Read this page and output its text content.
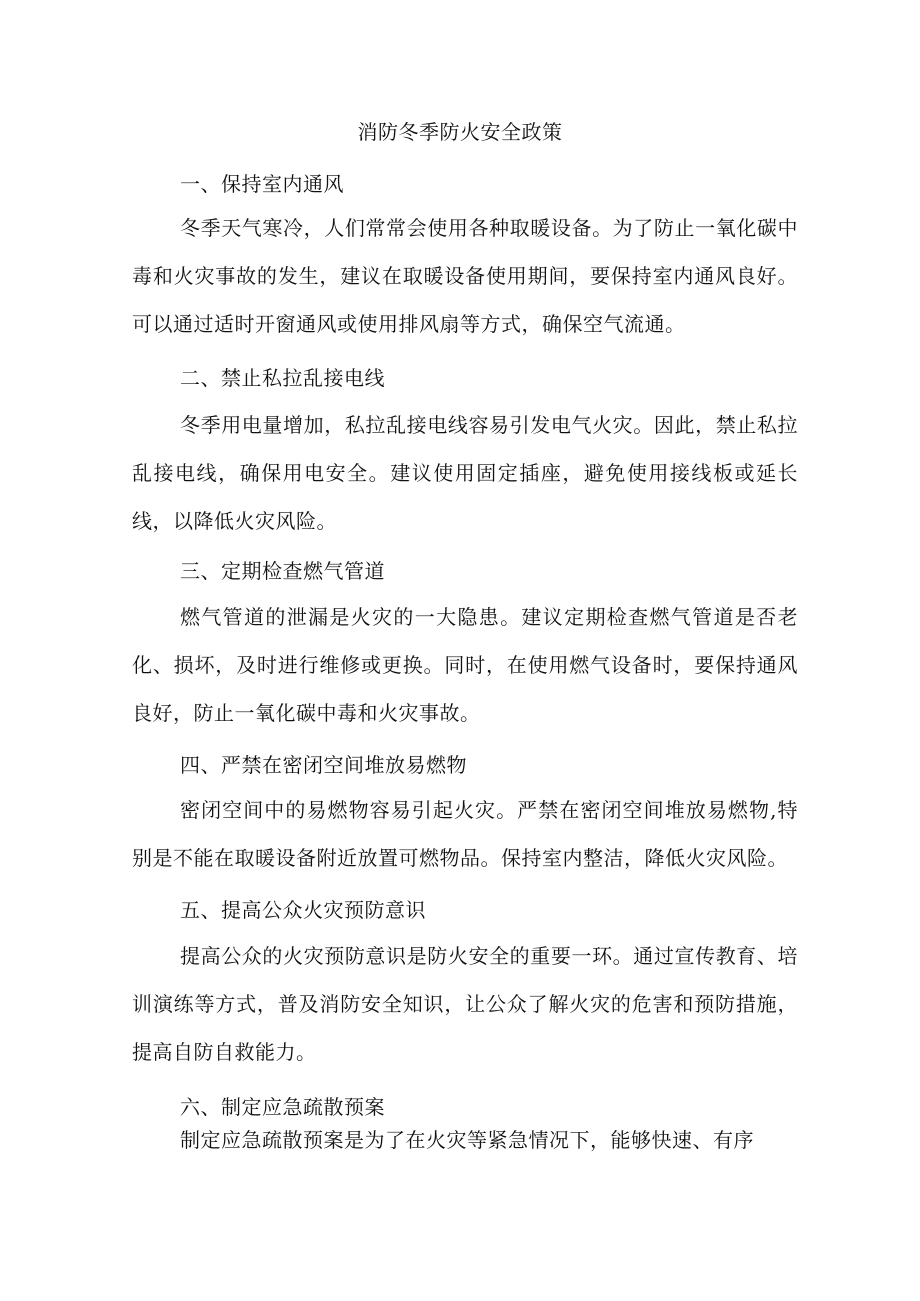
消防冬季防火安全政策
一、保持室内通风
冬季天气寒冷，人们常常会使用各种取暖设备。为了防止一氧化碳中毒和火灾事故的发生，建议在取暖设备使用期间，要保持室内通风良好。可以通过适时开窗通风或使用排风扇等方式，确保空气流通。
二、禁止私拉乱接电线
冬季用电量增加，私拉乱接电线容易引发电气火灾。因此，禁止私拉乱接电线，确保用电安全。建议使用固定插座，避免使用接线板或延长线，以降低火灾风险。
三、定期检查燃气管道
燃气管道的泄漏是火灾的一大隐患。建议定期检查燃气管道是否老化、损坏，及时进行维修或更换。同时，在使用燃气设备时，要保持通风良好，防止一氧化碳中毒和火灾事故。
四、严禁在密闭空间堆放易燃物
密闭空间中的易燃物容易引起火灾。严禁在密闭空间堆放易燃物,特别是不能在取暖设备附近放置可燃物品。保持室内整洁，降低火灾风险。
五、提高公众火灾预防意识
提高公众的火灾预防意识是防火安全的重要一环。通过宣传教育、培训演练等方式，普及消防安全知识，让公众了解火灾的危害和预防措施，提高自防自救能力。
六、制定应急疏散预案
制定应急疏散预案是为了在火灾等紧急情况下，能够快速、有序
